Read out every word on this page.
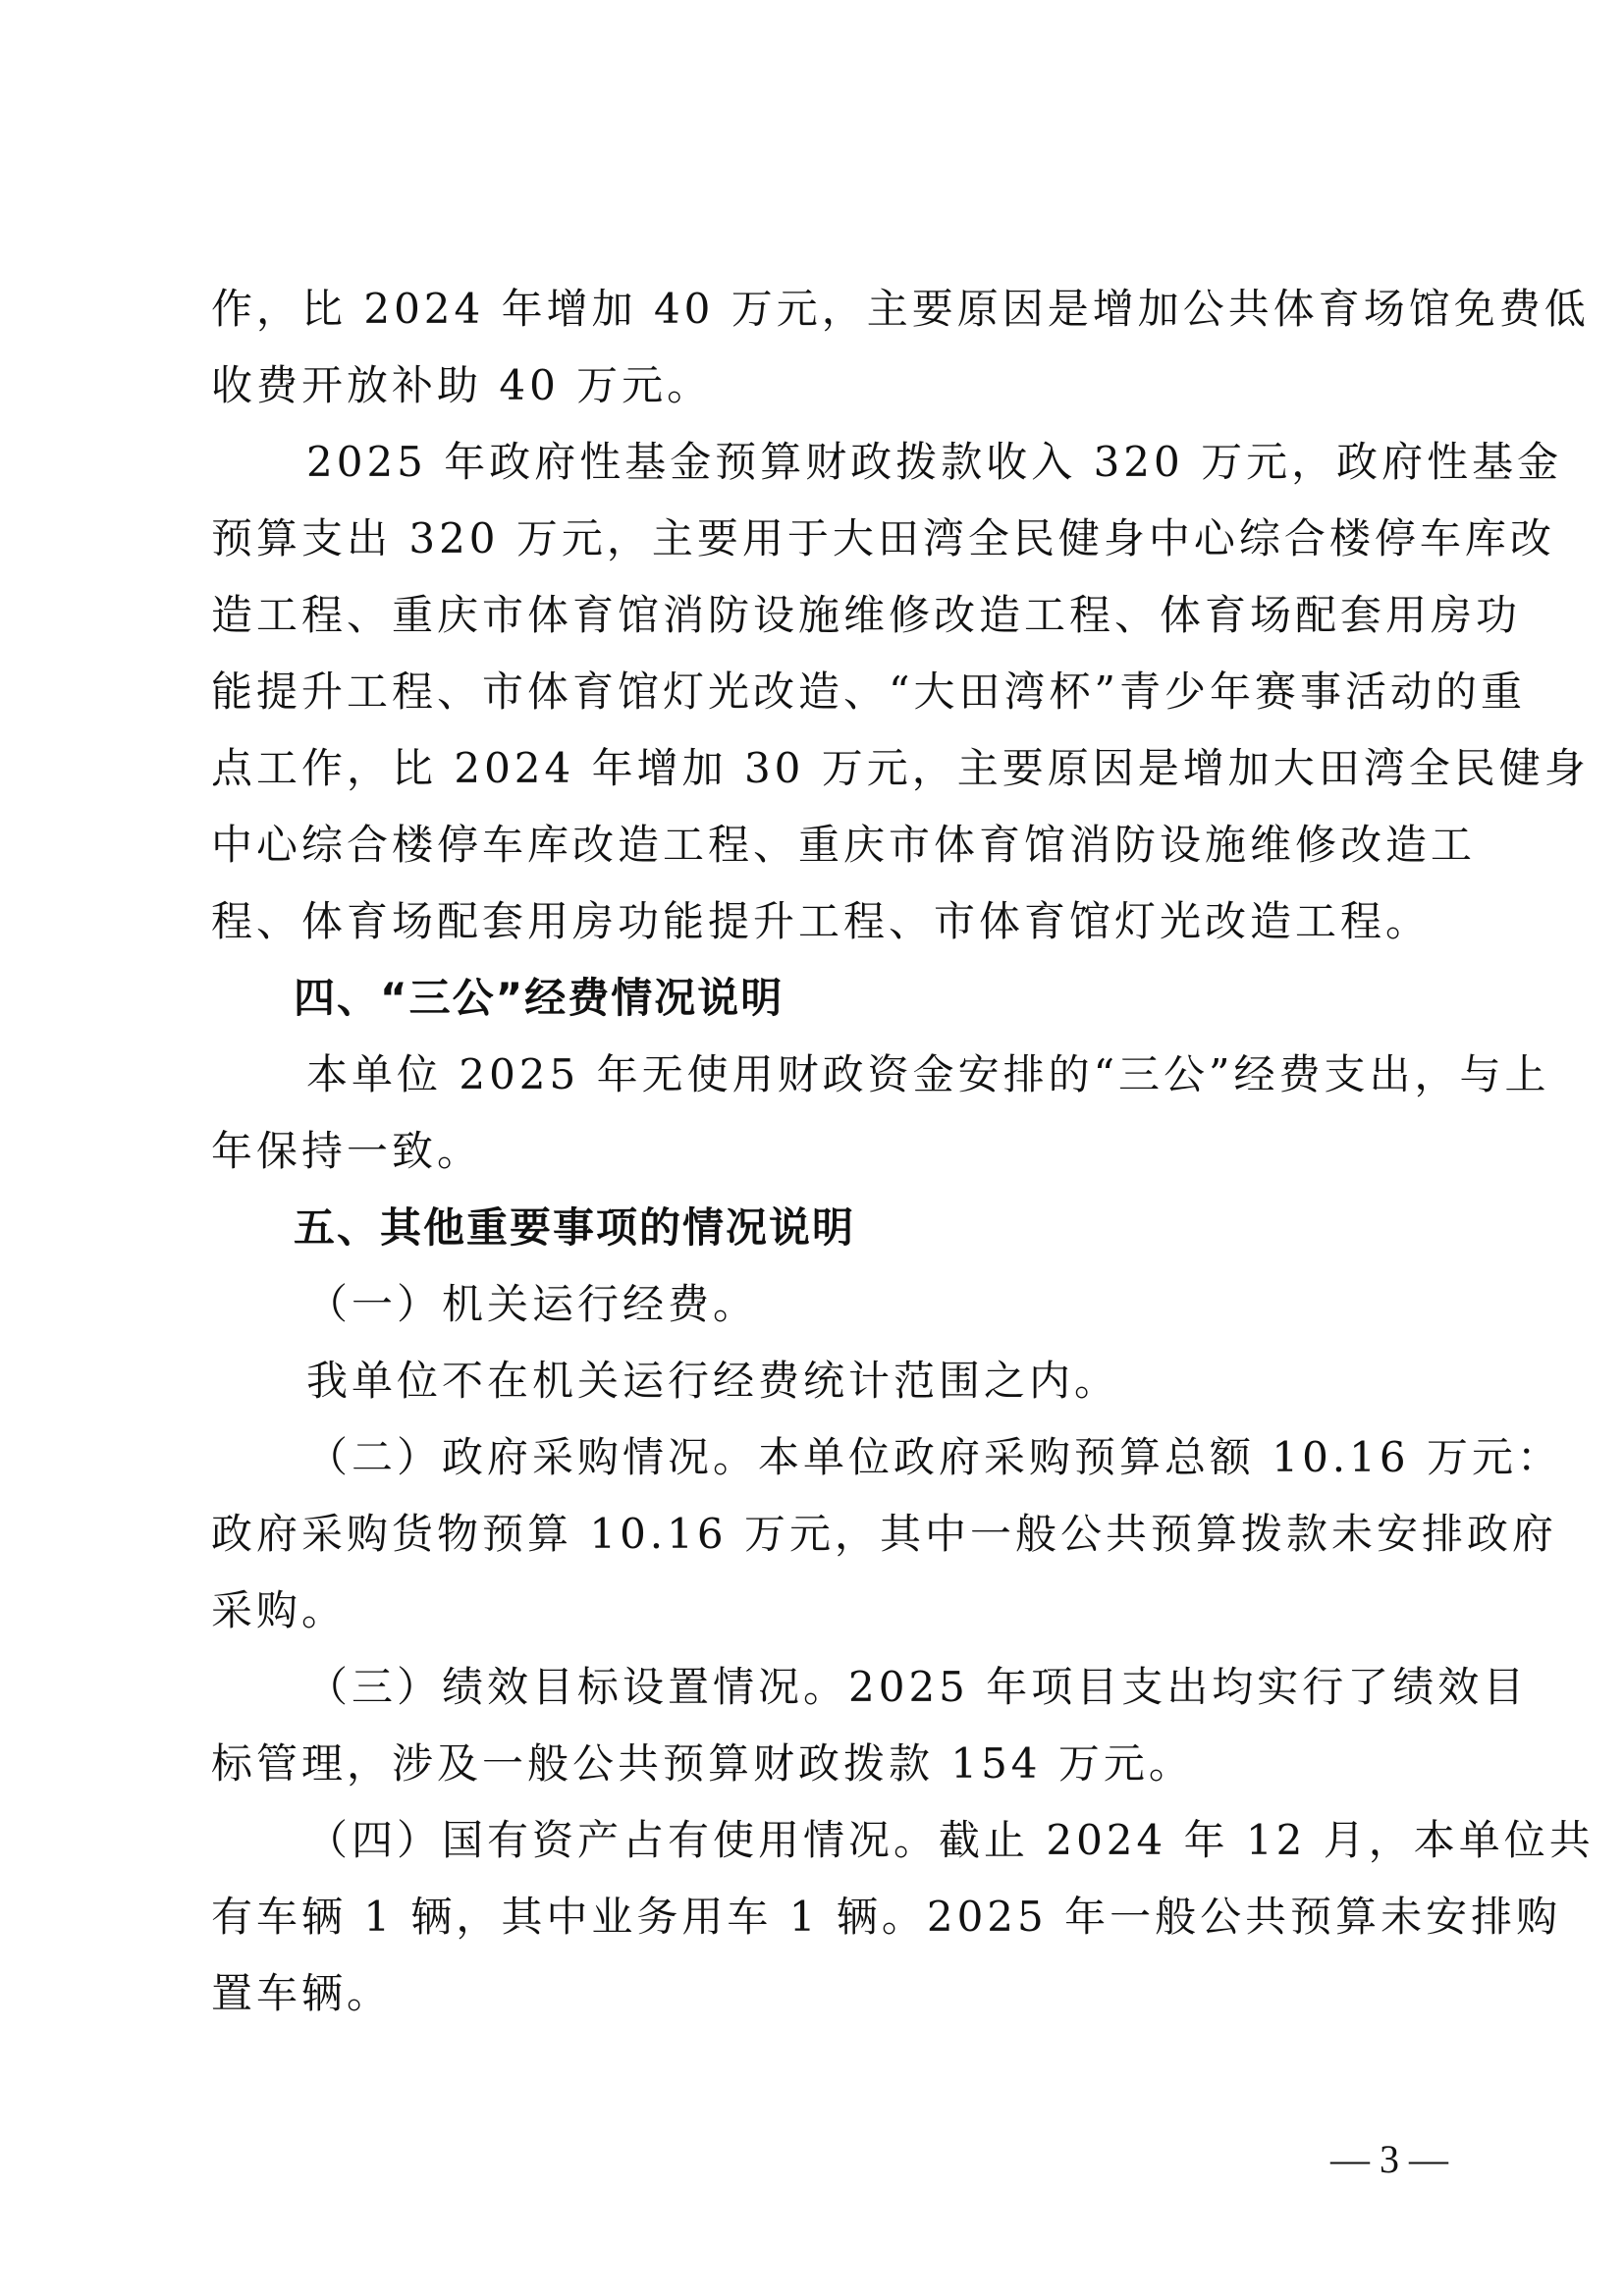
作，比 2024 年增加 40 万元，主要原因是增加公共体育场馆免费低
收费开放补助 40 万元。

2025 年政府性基金预算财政拨款收入 320 万元，政府性基金
预算支出 320 万元，主要用于大田湾全民健身中心综合楼停车库改
造工程、重庆市体育馆消防设施维修改造工程、体育场配套用房功
能提升工程、市体育馆灯光改造、“大田湾杯”青少年赛事活动的重
点工作，比 2024 年增加 30 万元，主要原因是增加大田湾全民健身
中心综合楼停车库改造工程、重庆市体育馆消防设施维修改造工
程、体育场配套用房功能提升工程、市体育馆灯光改造工程。

四、“三公”经费情况说明

本单位 2025 年无使用财政资金安排的“三公”经费支出，与上
年保持一致。

五、其他重要事项的情况说明

（一）机关运行经费。

我单位不在机关运行经费统计范围之内。

（二）政府采购情况。本单位政府采购预算总额 10.16 万元：
政府采购货物预算 10.16 万元，其中一般公共预算拨款未安排政府
采购。

（三）绩效目标设置情况。2025 年项目支出均实行了绩效目
标管理，涉及一般公共预算财政拨款 154 万元。

（四）国有资产占有使用情况。截止 2024 年 12 月，本单位共
有车辆 1 辆，其中业务用车 1 辆。2025 年一般公共预算未安排购
置车辆。

— 3 —
